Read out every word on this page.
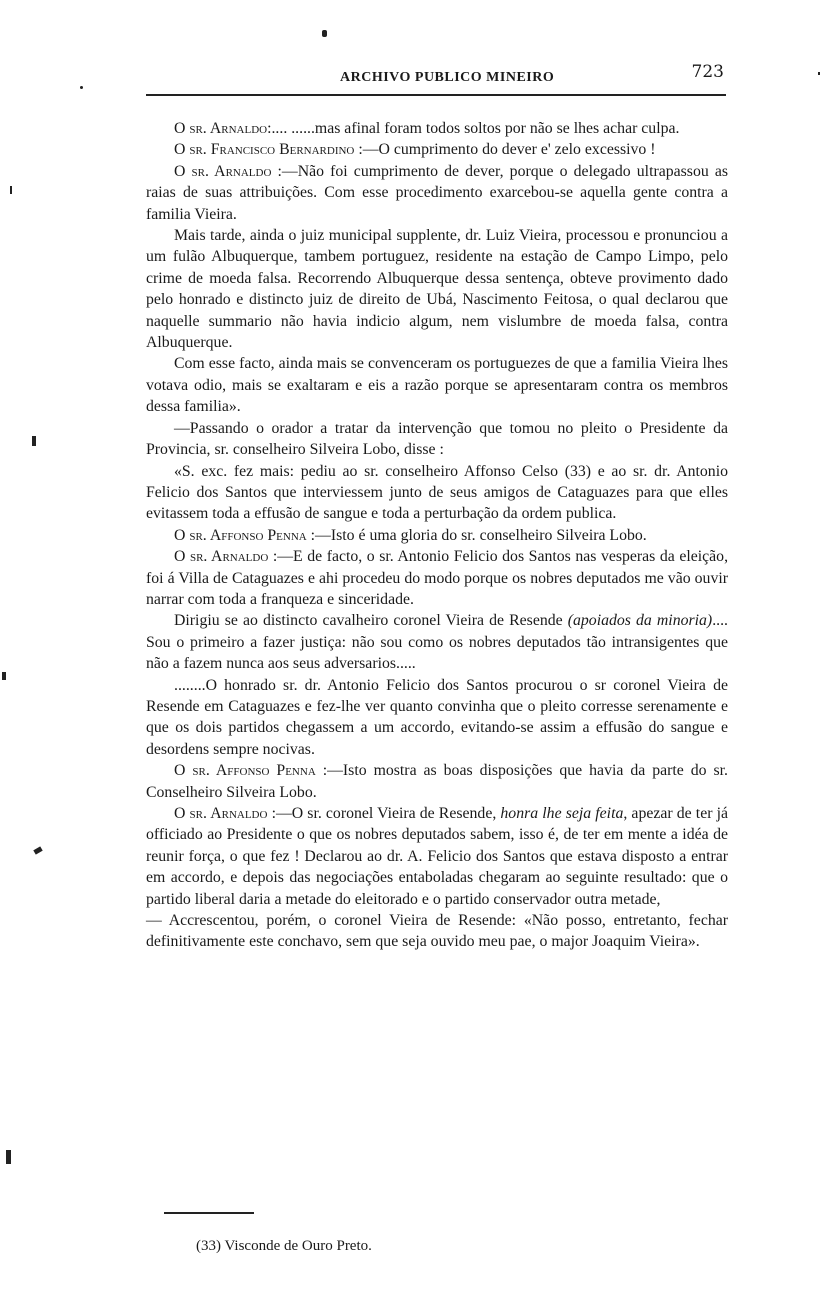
ARCHIVO PUBLICO MINEIRO	723

O sr. Arnaldo:.... ......mas afinal foram todos soltos por não se lhes achar culpa.

O sr. Francisco Bernardino :—O cumprimento do dever e' zelo excessivo !

O sr. Arnaldo :—Não foi cumprimento de dever, porque o delegado ultrapassou as raias de suas attribuições. Com esse procedimento exarcebou-se aquella gente contra a familia Vieira.

Mais tarde, ainda o juiz municipal supplente, dr. Luiz Vieira, processou e pronunciou a um fulão Albuquerque, tambem portuguez, residente na estação de Campo Limpo, pelo crime de moeda falsa. Recorrendo Albuquerque dessa sentença, obteve provimento dado pelo honrado e distincto juiz de direito de Ubá, Nascimento Feitosa, o qual declarou que naquelle summario não havia indicio algum, nem vislumbre de moeda falsa, contra Albuquerque.

Com esse facto, ainda mais se convenceram os portuguezes de que a familia Vieira lhes votava odio, mais se exaltaram e eis a razão porque se apresentaram contra os membros dessa familia».

—Passando o orador a tratar da intervenção que tomou no pleito o Presidente da Provincia, sr. conselheiro Silveira Lobo, disse :

«S. exc. fez mais: pediu ao sr. conselheiro Affonso Celso (33) e ao sr. dr. Antonio Felicio dos Santos que interviessem junto de seus amigos de Cataguazes para que elles evitassem toda a effusão de sangue e toda a perturbação da ordem publica.

O sr. Affonso Penna :—Isto é uma gloria do sr. conselheiro Silveira Lobo.

O sr. Arnaldo :—E de facto, o sr. Antonio Felicio dos Santos nas vesperas da eleição, foi á Villa de Cataguazes e ahi procedeu do modo porque os nobres deputados me vão ouvir narrar com toda a franqueza e sinceridade.

Dirigiu se ao distincto cavalheiro coronel Vieira de Resende (apoiados da minoria).... Sou o primeiro a fazer justiça: não sou como os nobres deputados tão intransigentes que não a fazem nunca aos seus adversarios.....

........O honrado sr. dr. Antonio Felicio dos Santos procurou o sr coronel Vieira de Resende em Cataguazes e fez-lhe ver quanto convinha que o pleito corresse serenamente e que os dois partidos chegassem a um accordo, evitando-se assim a effusão do sangue e desordens sempre nocivas.

O sr. Affonso Penna :—Isto mostra as boas disposições que havia da parte do sr. Conselheiro Silveira Lobo.

O sr. Arnaldo :—O sr. coronel Vieira de Resende, honra lhe seja feita, apezar de ter já officiado ao Presidente o que os nobres deputados sabem, isso é, de ter em mente a idéa de reunir força, o que fez ! Declarou ao dr. A. Felicio dos Santos que estava disposto a entrar em accordo, e depois das negociações entaboladas chegaram ao seguinte resultado: que o partido liberal daria a metade do eleitorado e o partido conservador outra metade,

— Accrescentou, porém, o coronel Vieira de Resende: «Não posso, entretanto, fechar definitivamente este conchavo, sem que seja ouvido meu pae, o major Joaquim Vieira».

(33) Visconde de Ouro Preto.
